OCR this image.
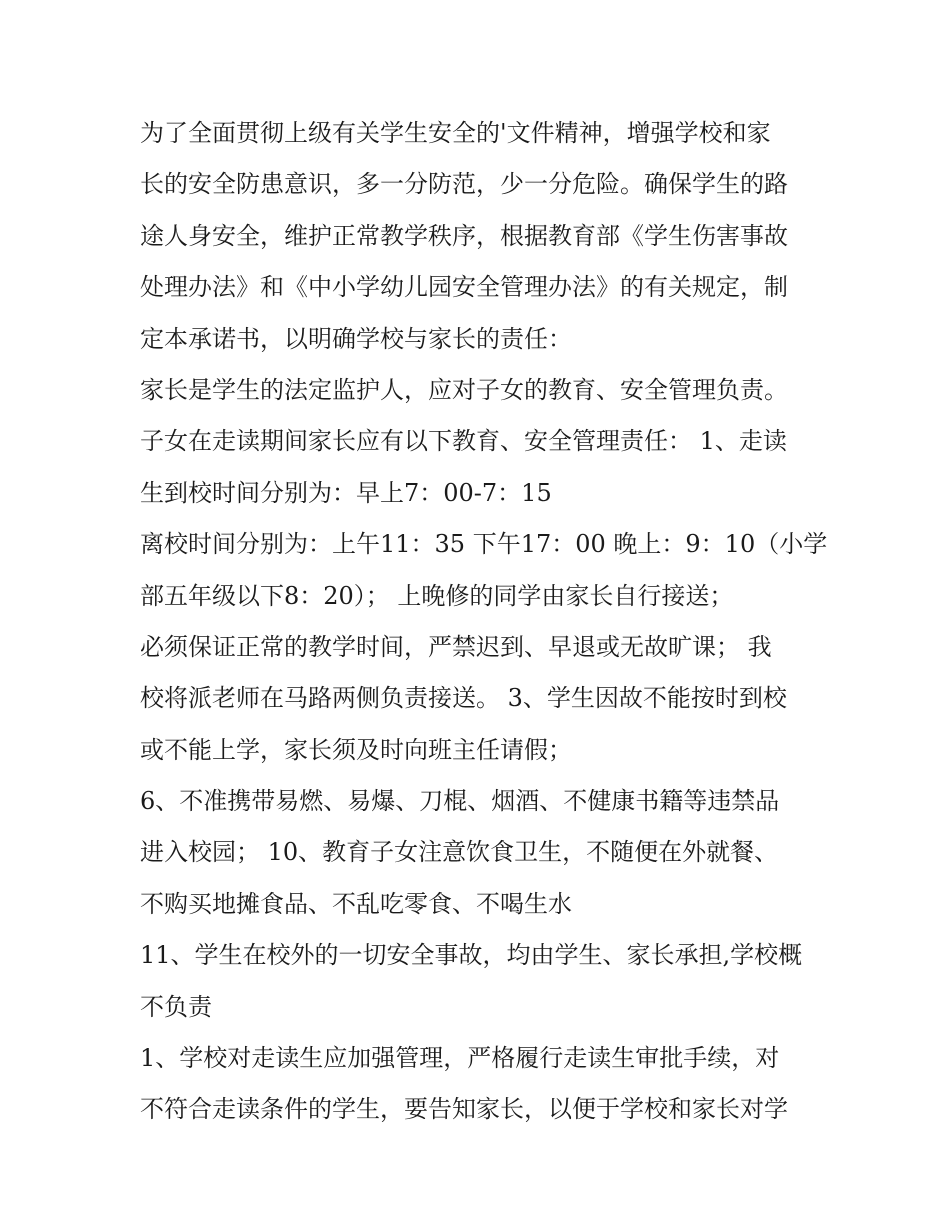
为了全面贯彻上级有关学生安全的'文件精神，增强学校和家
长的安全防患意识，多一分防范，少一分危险。确保学生的路
途人身安全，维护正常教学秩序，根据教育部《学生伤害事故
处理办法》和《中小学幼儿园安全管理办法》的有关规定，制
定本承诺书，以明确学校与家长的责任：
家长是学生的法定监护人，应对子女的教育、安全管理负责。
子女在走读期间家长应有以下教育、安全管理责任： 1、走读
生到校时间分别为：早上7：00-7：15
离校时间分别为：上午11：35 下午17：00 晚上：9：10（小学
部五年级以下8：20）； 上晚修的同学由家长自行接送；
必须保证正常的教学时间，严禁迟到、早退或无故旷课； 我
校将派老师在马路两侧负责接送。 3、学生因故不能按时到校
或不能上学，家长须及时向班主任请假；
6、不准携带易燃、易爆、刀棍、烟酒、不健康书籍等违禁品
进入校园； 10、教育子女注意饮食卫生，不随便在外就餐、
不购买地摊食品、不乱吃零食、不喝生水
11、学生在校外的一切安全事故，均由学生、家长承担,学校概
不负责
1、学校对走读生应加强管理，严格履行走读生审批手续，对
不符合走读条件的学生，要告知家长，以便于学校和家长对学
